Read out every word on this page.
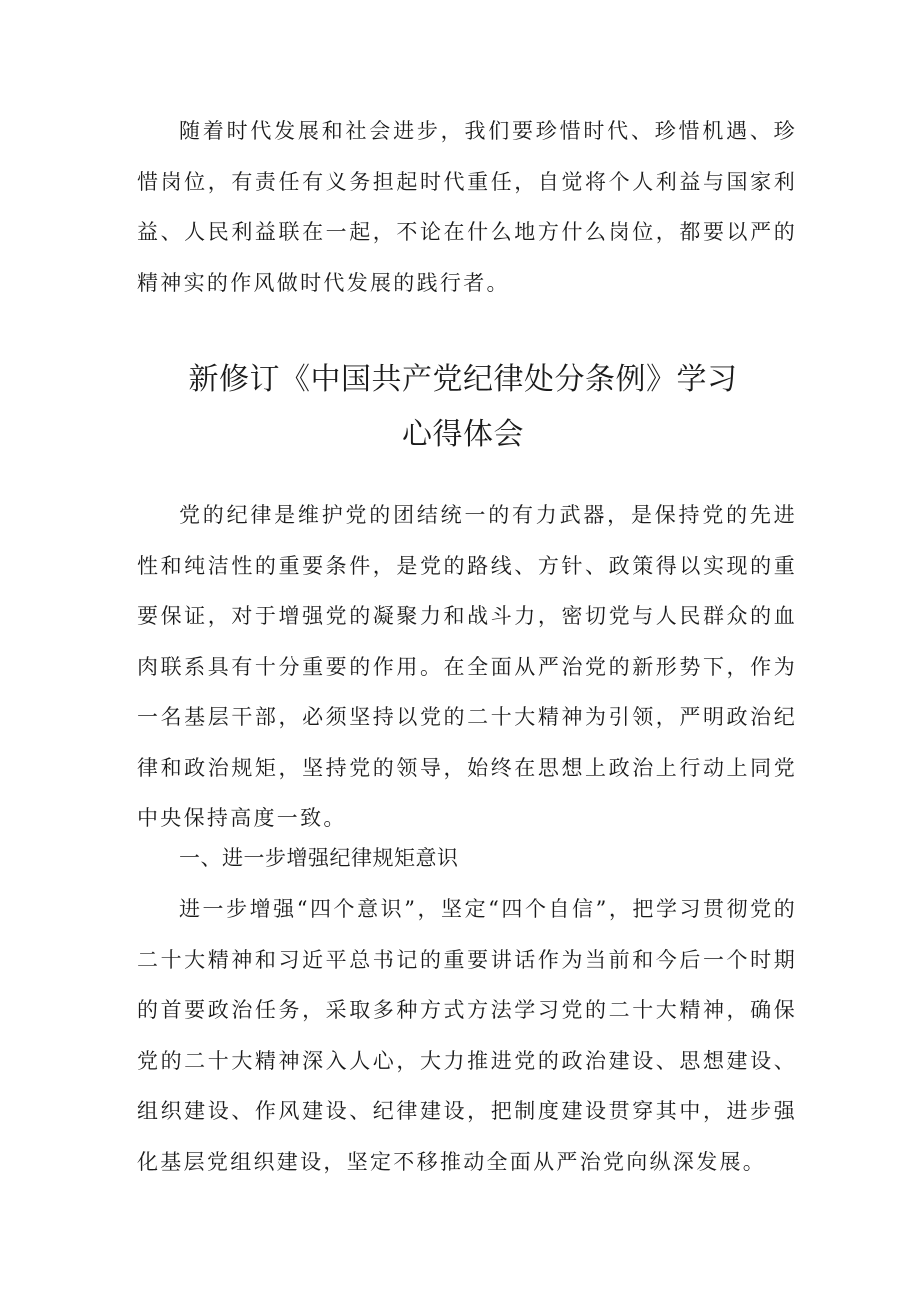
随着时代发展和社会进步，我们要珍惜时代、珍惜机遇、珍惜岗位，有责任有义务担起时代重任，自觉将个人利益与国家利益、人民利益联在一起，不论在什么地方什么岗位，都要以严的精神实的作风做时代发展的践行者。

新修订《中国共产党纪律处分条例》学习
心得体会

党的纪律是维护党的团结统一的有力武器，是保持党的先进性和纯洁性的重要条件，是党的路线、方针、政策得以实现的重要保证，对于增强党的凝聚力和战斗力，密切党与人民群众的血肉联系具有十分重要的作用。在全面从严治党的新形势下，作为一名基层干部，必须坚持以党的二十大精神为引领，严明政治纪律和政治规矩，坚持党的领导，始终在思想上政治上行动上同党中央保持高度一致。

一、进一步增强纪律规矩意识

进一步增强“四个意识”，坚定“四个自信”，把学习贯彻党的二十大精神和习近平总书记的重要讲话作为当前和今后一个时期的首要政治任务，采取多种方式方法学习党的二十大精神，确保党的二十大精神深入人心，大力推进党的政治建设、思想建设、组织建设、作风建设、纪律建设，把制度建设贯穿其中，进步强化基层党组织建设，坚定不移推动全面从严治党向纵深发展。
